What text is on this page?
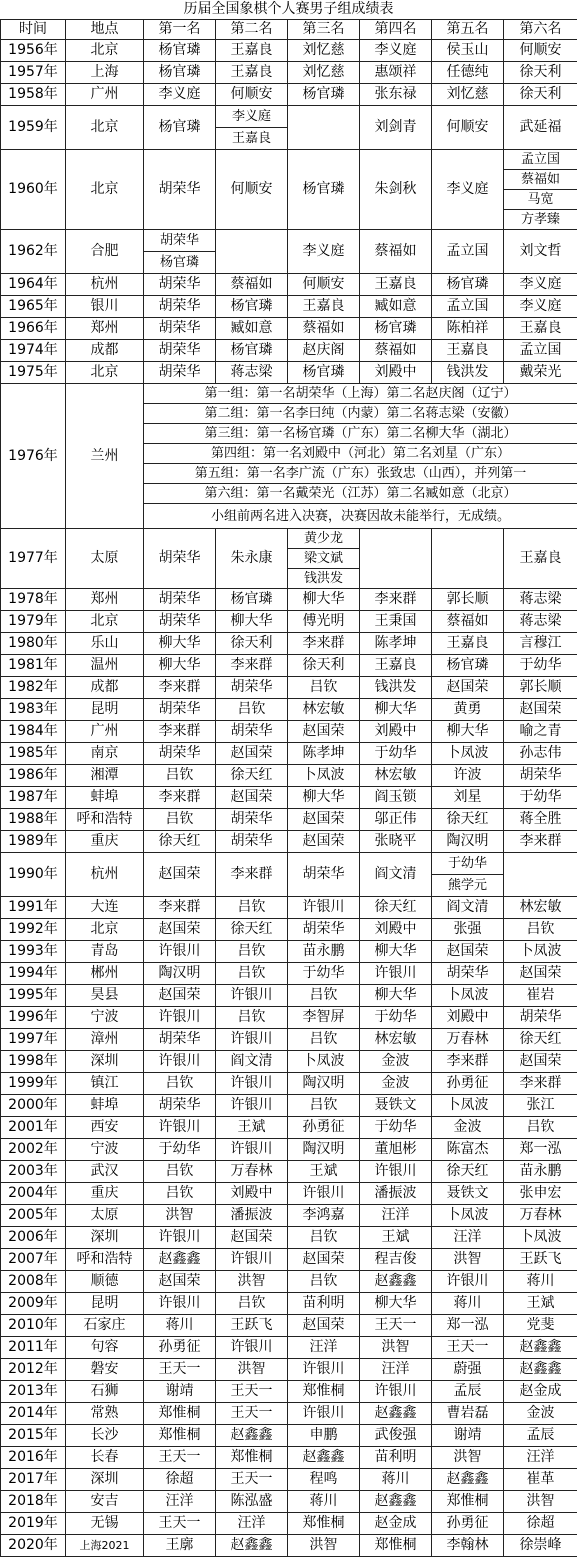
历届全国象棋个人赛男子组成绩表
时间	地点	第一名	第二名	第三名	第四名	第五名	第六名
1956年	北京	杨官璘	王嘉良	刘忆慈	李义庭	侯玉山	何顺安
1957年	上海	杨官璘	王嘉良	刘忆慈	惠颂祥	任德纯	徐天利
1958年	广州	李义庭	何顺安	杨官璘	张东禄	刘忆慈	徐天利
1959年	北京	杨官璘	李义庭		刘剑青	何顺安	武延福
			王嘉良				
1960年	北京	胡荣华	何顺安	杨官璘	朱剑秋	李义庭	孟立国
							蔡福如
							马宽
							方孝臻
1962年	合肥	胡荣华		李义庭	蔡福如	孟立国	刘文哲
		杨官璘					
1964年	杭州	胡荣华	蔡福如	何顺安	王嘉良	杨官璘	李义庭
1965年	银川	胡荣华	杨官璘	王嘉良	臧如意	孟立国	李义庭
1966年	郑州	胡荣华	臧如意	蔡福如	杨官璘	陈柏祥	王嘉良
1974年	成都	胡荣华	杨官璘	赵庆阁	蔡福如	王嘉良	孟立国
1975年	北京	胡荣华	蒋志梁	杨官璘	刘殿中	钱洪发	戴荣光
1976年	兰州	第一组：第一名胡荣华（上海）第二名赵庆阁（辽宁）					
		第二组：第一名李曰纯（内蒙）第二名蒋志梁（安徽）					
		第三组：第一名杨官璘（广东）第二名柳大华（湖北）					
		第四组：第一名刘殿中（河北）第二名刘星（广东）					
		第五组：第一名李广流（广东）张致忠（山西），并列第一					
		第六组：第一名戴荣光（江苏）第二名臧如意（北京）					
		小组前两名进入决赛，决赛因故未能举行，无成绩。					
1977年	太原	胡荣华	朱永康	黄少龙			王嘉良
				梁文斌			
				钱洪发			
1978年	郑州	胡荣华	杨官璘	柳大华	李来群	郭长顺	蒋志梁
1979年	北京	胡荣华	柳大华	傅光明	王秉国	蔡福如	蒋志梁
1980年	乐山	柳大华	徐天利	李来群	陈孝坤	王嘉良	言穆江
1981年	温州	柳大华	李来群	徐天利	王嘉良	杨官璘	于幼华
1982年	成都	李来群	胡荣华	吕钦	钱洪发	赵国荣	郭长顺
1983年	昆明	胡荣华	吕钦	林宏敏	柳大华	黄勇	赵国荣
1984年	广州	李来群	胡荣华	赵国荣	刘殿中	柳大华	喻之青
1985年	南京	胡荣华	赵国荣	陈孝坤	于幼华	卜凤波	孙志伟
1986年	湘潭	吕钦	徐天红	卜凤波	林宏敏	许波	胡荣华
1987年	蚌埠	李来群	赵国荣	柳大华	阎玉锁	刘星	于幼华
1988年	呼和浩特	吕钦	胡荣华	赵国荣	邬正伟	徐天红	蒋全胜
1989年	重庆	徐天红	胡荣华	赵国荣	张晓平	陶汉明	李来群
1990年	杭州	赵国荣	李来群	胡荣华	阎文清	于幼华	
						熊学元	
1991年	大连	李来群	吕钦	许银川	徐天红	阎文清	林宏敏
1992年	北京	赵国荣	徐天红	胡荣华	刘殿中	张强	吕钦
1993年	青岛	许银川	吕钦	苗永鹏	柳大华	赵国荣	卜凤波
1994年	郴州	陶汉明	吕钦	于幼华	许银川	胡荣华	赵国荣
1995年	昊县	赵国荣	许银川	吕钦	柳大华	卜凤波	崔岩
1996年	宁波	许银川	吕钦	李智屏	于幼华	刘殿中	胡荣华
1997年	漳州	胡荣华	许银川	吕钦	林宏敏	万春林	徐天红
1998年	深圳	许银川	阎文清	卜凤波	金波	李来群	赵国荣
1999年	镇江	吕钦	许银川	陶汉明	金波	孙勇征	李来群
2000年	蚌埠	胡荣华	许银川	吕钦	聂铁文	卜凤波	张江
2001年	西安	许银川	王斌	孙勇征	于幼华	金波	吕钦
2002年	宁波	于幼华	许银川	陶汉明	董旭彬	陈富杰	郑一泓
2003年	武汉	吕钦	万春林	王斌	许银川	徐天红	苗永鹏
2004年	重庆	吕钦	刘殿中	许银川	潘振波	聂铁文	张申宏
2005年	太原	洪智	潘振波	李鸿嘉	汪洋	卜凤波	万春林
2006年	深圳	许银川	赵国荣	吕钦	王斌	汪洋	卜凤波
2007年	呼和浩特	赵鑫鑫	许银川	赵国荣	程吉俊	洪智	王跃飞
2008年	顺德	赵国荣	洪智	吕钦	赵鑫鑫	许银川	蒋川
2009年	昆明	许银川	吕钦	苗利明	柳大华	蒋川	王斌
2010年	石家庄	蒋川	王跃飞	赵国荣	王天一	郑一泓	党斐
2011年	句容	孙勇征	许银川	汪洋	洪智	王天一	赵鑫鑫
2012年	磐安	王天一	洪智	许银川	汪洋	蔚强	赵鑫鑫
2013年	石狮	谢靖	王天一	郑惟桐	许银川	孟辰	赵金成
2014年	常熟	郑惟桐	王天一	许银川	赵鑫鑫	曹岩磊	金波
2015年	长沙	郑惟桐	赵鑫鑫	申鹏	武俊强	谢靖	孟辰
2016年	长春	王天一	郑惟桐	赵鑫鑫	苗利明	洪智	汪洋
2017年	深圳	徐超	王天一	程鸣	蒋川	赵鑫鑫	崔革
2018年	安吉	汪洋	陈泓盛	蒋川	赵鑫鑫	郑惟桐	洪智
2019年	无锡	王天一	汪洋	郑惟桐	赵金成	孙勇征	徐超
2020年	上海2021	王廓	赵鑫鑫	洪智	郑惟桐	李翰林	徐崇峰
